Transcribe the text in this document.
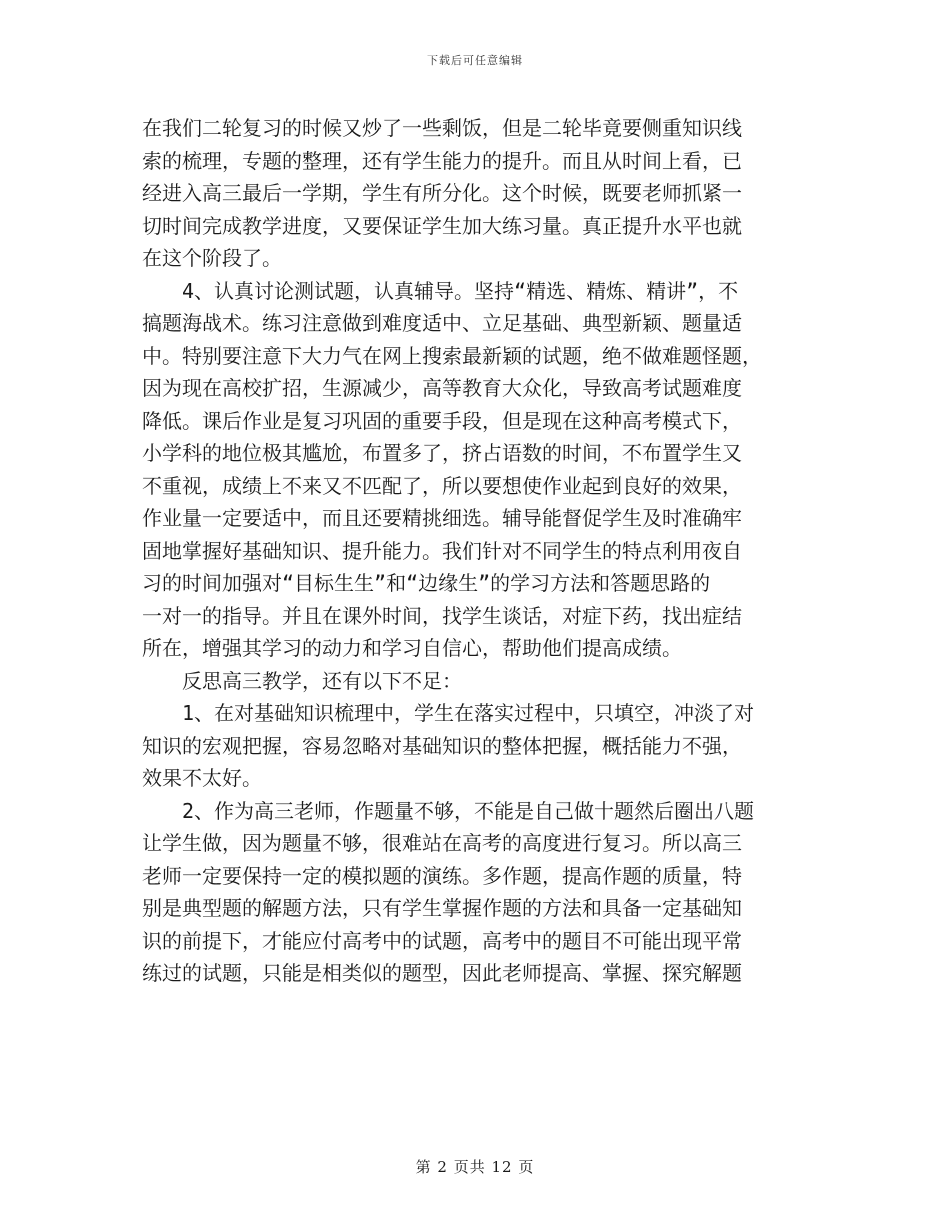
下载后可任意编辑
在我们二轮复习的时候又炒了一些剩饭，但是二轮毕竟要侧重知识线
索的梳理，专题的整理，还有学生能力的提升。而且从时间上看，已
经进入高三最后一学期，学生有所分化。这个时候，既要老师抓紧一
切时间完成教学进度，又要保证学生加大练习量。真正提升水平也就
在这个阶段了。
　　4、认真讨论测试题，认真辅导。坚持“精选、精炼、精讲”，不
搞题海战术。练习注意做到难度适中、立足基础、典型新颖、题量适
中。特别要注意下大力气在网上搜索最新颖的试题，绝不做难题怪题，
因为现在高校扩招，生源减少，高等教育大众化，导致高考试题难度
降低。课后作业是复习巩固的重要手段，但是现在这种高考模式下，
小学科的地位极其尴尬，布置多了，挤占语数的时间，不布置学生又
不重视，成绩上不来又不匹配了，所以要想使作业起到良好的效果，
作业量一定要适中，而且还要精挑细选。辅导能督促学生及时准确牢
固地掌握好基础知识、提升能力。我们针对不同学生的特点利用夜自
习的时间加强对“目标生生”和“边缘生”的学习方法和答题思路的
一对一的指导。并且在课外时间，找学生谈话，对症下药，找出症结
所在，增强其学习的动力和学习自信心，帮助他们提高成绩。
　　反思高三教学，还有以下不足：
　　1、在对基础知识梳理中，学生在落实过程中，只填空，冲淡了对
知识的宏观把握，容易忽略对基础知识的整体把握，概括能力不强，
效果不太好。
　　2、作为高三老师，作题量不够，不能是自己做十题然后圈出八题
让学生做，因为题量不够，很难站在高考的高度进行复习。所以高三
老师一定要保持一定的模拟题的演练。多作题，提高作题的质量，特
别是典型题的解题方法，只有学生掌握作题的方法和具备一定基础知
识的前提下，才能应付高考中的试题，高考中的题目不可能出现平常
练过的试题，只能是相类似的题型，因此老师提高、掌握、探究解题
第 2 页共 12 页
